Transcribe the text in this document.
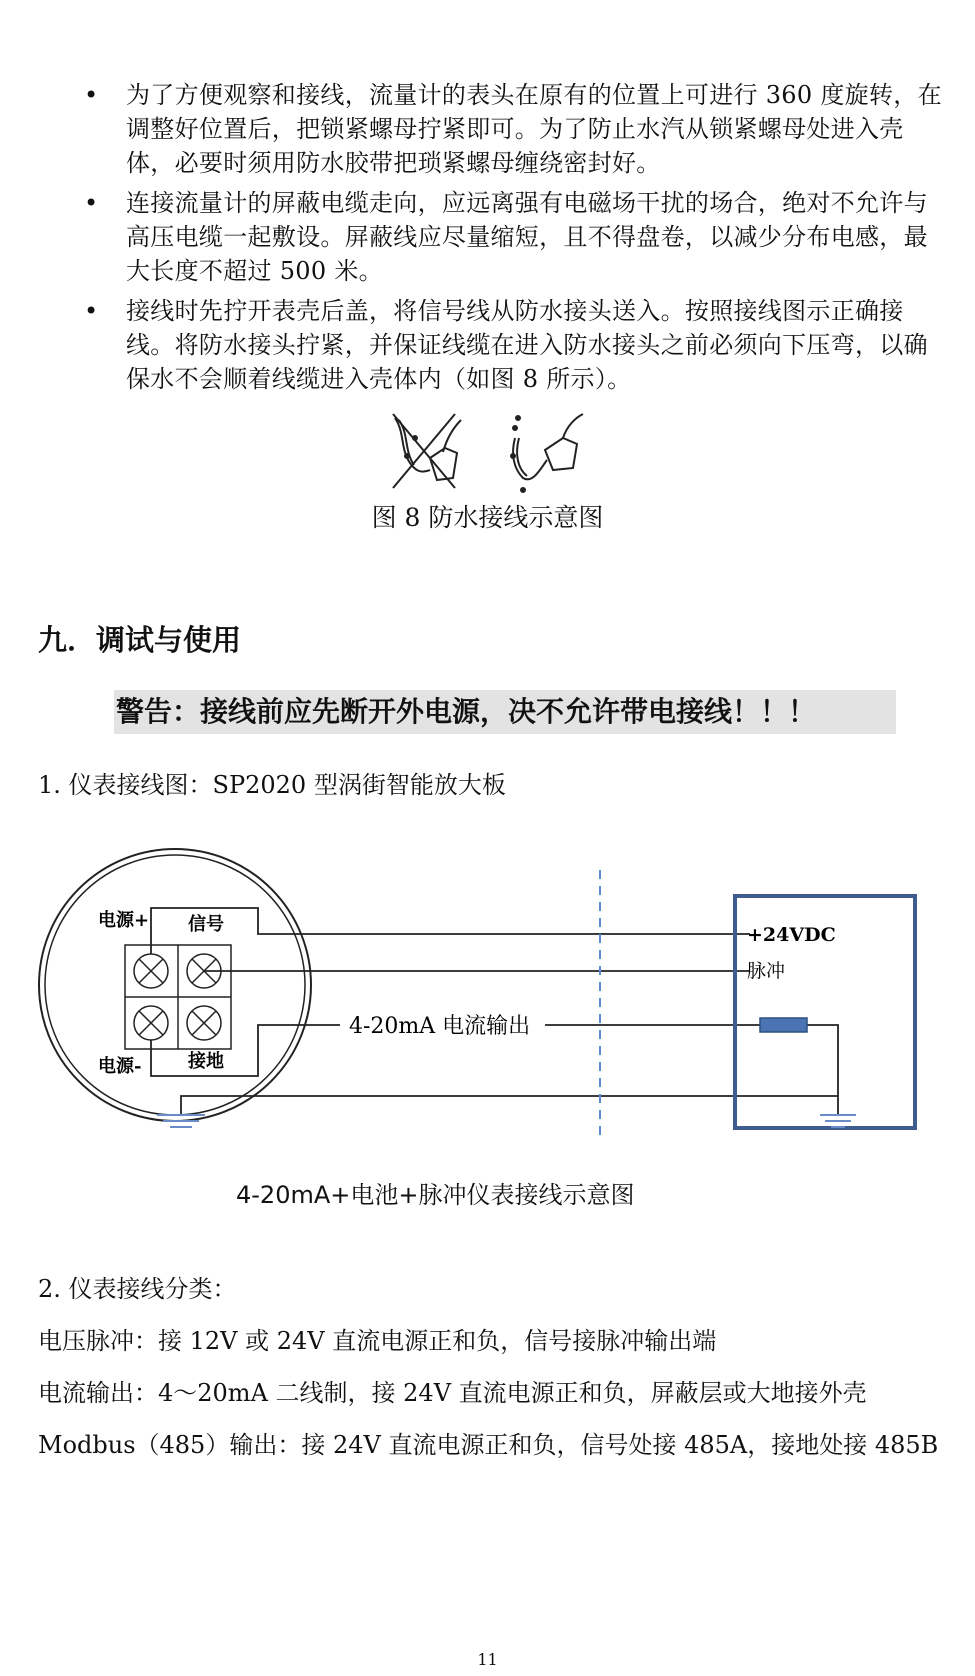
• 为了方便观察和接线，流量计的表头在原有的位置上可进行 360 度旋转，在调整好位置后，把锁紧螺母拧紧即可。为了防止水汽从锁紧螺母处进入壳体，必要时须用防水胶带把琐紧螺母缠绕密封好。
• 连接流量计的屏蔽电缆走向，应远离强有电磁场干扰的场合，绝对不允许与高压电缆一起敷设。屏蔽线应尽量缩短，且不得盘卷，以减少分布电感，最大长度不超过 500 米。
• 接线时先拧开表壳后盖，将信号线从防水接头送入。按照接线图示正确接线。将防水接头拧紧，并保证线缆在进入防水接头之前必须向下压弯，以确保水不会顺着线缆进入壳体内（如图 8 所示）。
图 8 防水接线示意图
九．调试与使用
警告：接线前应先断开外电源，决不允许带电接线！！！
1. 仪表接线图：SP2020 型涡街智能放大板
电源+ 信号
电源-	接地
4-20mA 电流输出
+24VDC
脉冲
4-20mA+电池+脉冲仪表接线示意图
2. 仪表接线分类：
电压脉冲：接 12V 或 24V 直流电源正和负，信号接脉冲输出端
电流输出：4～20mA 二线制，接 24V 直流电源正和负，屏蔽层或大地接外壳
Modbus（485）输出：接 24V 直流电源正和负，信号处接 485A，接地处接 485B
11
